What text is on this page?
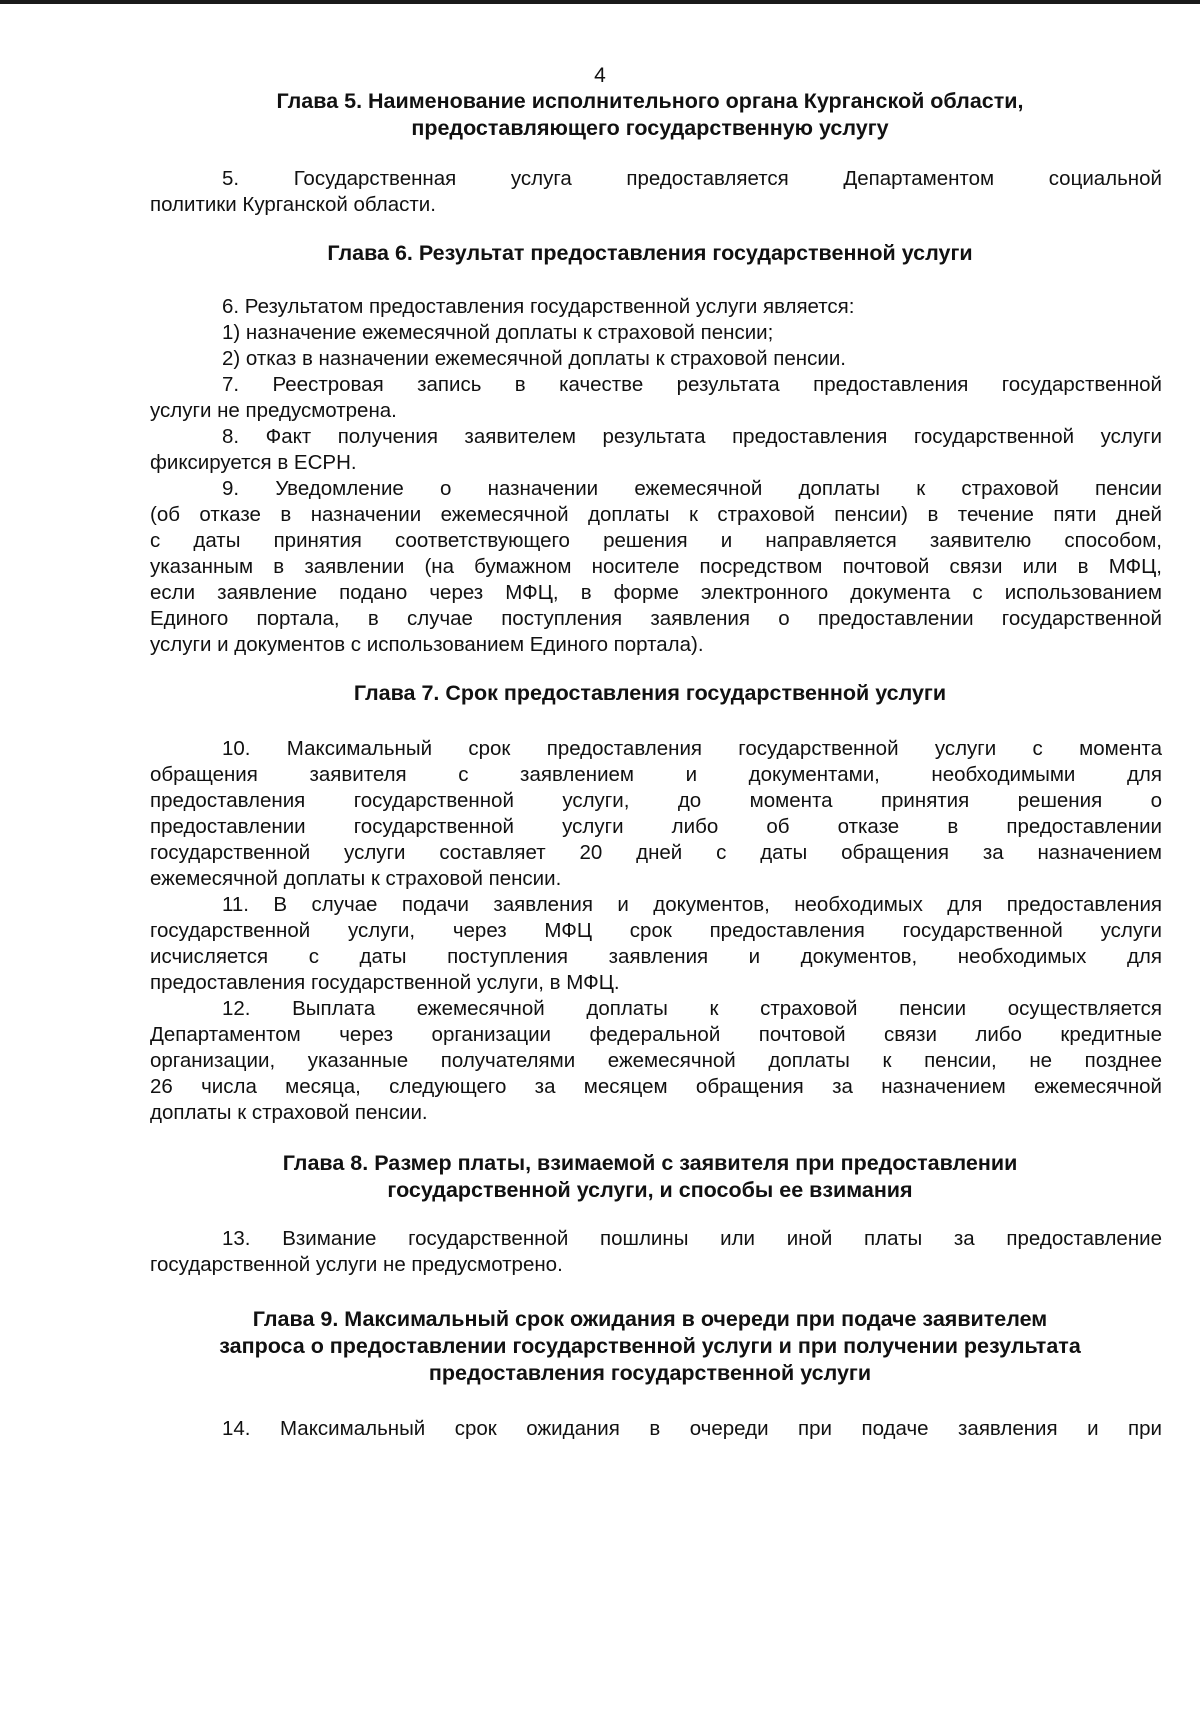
4
Глава 5. Наименование исполнительного органа Курганской области,
предоставляющего государственную услугу
5. Государственная услуга предоставляется Департаментом социальной
политики Курганской области.
Глава 6. Результат предоставления государственной услуги
6. Результатом предоставления государственной услуги является:
1) назначение ежемесячной доплаты к страховой пенсии;
2) отказ в назначении ежемесячной доплаты к страховой пенсии.
7. Реестровая запись в качестве результата предоставления государственной
услуги не предусмотрена.
8. Факт получения заявителем результата предоставления государственной услуги
фиксируется в ЕСРН.
9. Уведомление о назначении ежемесячной доплаты к страховой пенсии
(об отказе в назначении ежемесячной доплаты к страховой пенсии) в течение пяти дней
с даты принятия соответствующего решения и направляется заявителю способом,
указанным в заявлении (на бумажном носителе посредством почтовой связи или в МФЦ,
если заявление подано через МФЦ, в форме электронного документа с использованием
Единого портала, в случае поступления заявления о предоставлении государственной
услуги и документов с использованием Единого портала).
Глава 7. Срок предоставления государственной услуги
10. Максимальный срок предоставления государственной услуги с момента
обращения заявителя с заявлением и документами, необходимыми для
предоставления государственной услуги, до момента принятия решения о
предоставлении государственной услуги либо об отказе в предоставлении
государственной услуги составляет 20 дней с даты обращения за назначением
ежемесячной доплаты к страховой пенсии.
11. В случае подачи заявления и документов, необходимых для предоставления
государственной услуги, через МФЦ срок предоставления государственной услуги
исчисляется с даты поступления заявления и документов, необходимых для
предоставления государственной услуги, в МФЦ.
12. Выплата ежемесячной доплаты к страховой пенсии осуществляется
Департаментом через организации федеральной почтовой связи либо кредитные
организации, указанные получателями ежемесячной доплаты к пенсии, не позднее
26 числа месяца, следующего за месяцем обращения за назначением ежемесячной
доплаты к страховой пенсии.
Глава 8. Размер платы, взимаемой с заявителя при предоставлении
государственной услуги, и способы ее взимания
13. Взимание государственной пошлины или иной платы за предоставление
государственной услуги не предусмотрено.
Глава 9. Максимальный срок ожидания в очереди при подаче заявителем
запроса о предоставлении государственной услуги и при получении результата
предоставления государственной услуги
14. Максимальный срок ожидания в очереди при подаче заявления и при
